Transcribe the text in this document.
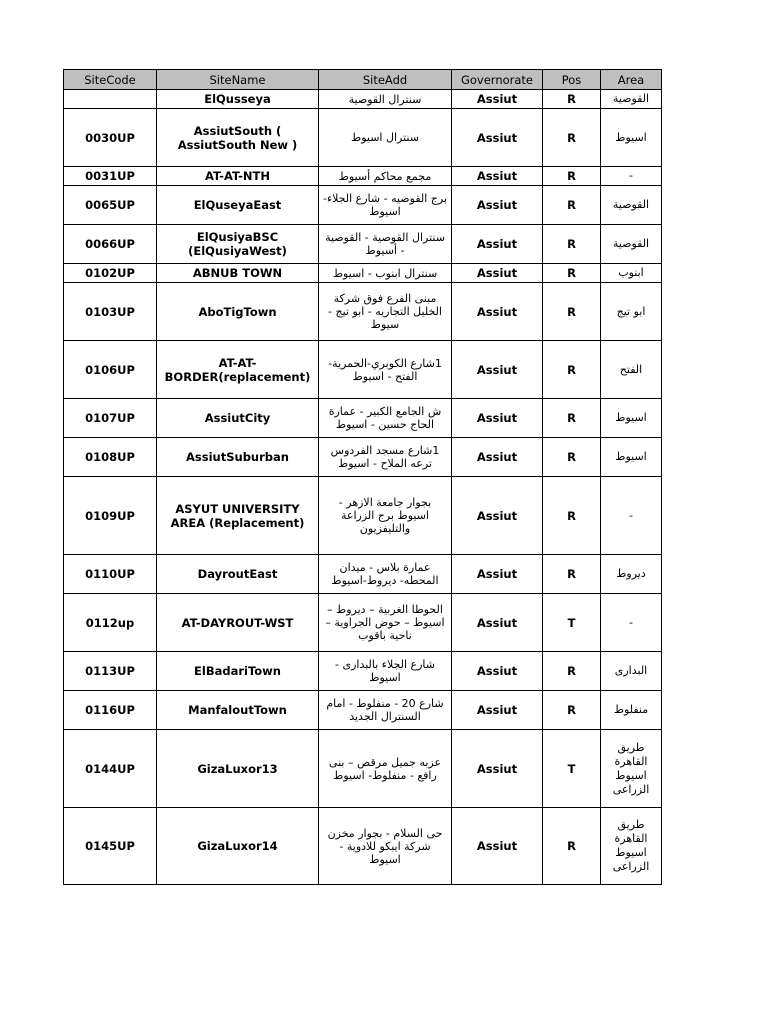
SiteCode	SiteName	SiteAdd	Governorate	Pos	Area
	ElQusseya	سنترال القوصية	Assiut	R	القوصية
0030UP	AssiutSouth ( AssiutSouth New )	سنترال اسيوط	Assiut	R	اسيوط
0031UP	AT-AT-NTH	مجمع محاكم أسيوط	Assiut	R	-
0065UP	ElQuseyaEast	برج القوصيه - شارع الجلاء- اسيوط	Assiut	R	القوصية
0066UP	ElQusiyaBSC (ElQusiyaWest)	سنترال القوصية - القوصية - أسيوط	Assiut	R	القوصية
0102UP	ABNUB TOWN	سنترال ابنوب - اسيوط	Assiut	R	ابنوب
0103UP	AboTigTown	مبنى الفرع فوق شركة الخليل التجاريه - ابو تيج - سيوط	Assiut	R	ابو تيج
0106UP	AT-AT-BORDER(replacement)	1شارع الكوبري-الحمرية- الفتح - اسيوط	Assiut	R	الفتح
0107UP	AssiutCity	ش الجامع الكبير - عمارة الحاج حسين - اسيوط	Assiut	R	اسيوط
0108UP	AssiutSuburban	1شارع مسجد الفردوس ترعه الملاح - اسيوط	Assiut	R	اسيوط
0109UP	ASYUT UNIVERSITY AREA (Replacement)	بجوار جامعة الازهر - اسيوط برج الزراعة والتليفزيون	Assiut	R	-
0110UP	DayroutEast	عمارة بلاس - ميدان المحطه- ديروط-اسيوط	Assiut	R	ديروط
0112up	AT-DAYROUT-WST	الحوطا الغربية – ديروط – اسيوط – حوض الجراوية – ناحية باقوب	Assiut	T	-
0113UP	ElBadariTown	شارع الجلاء بالبدارى - اسيوط	Assiut	R	البدارى
0116UP	ManfaloutTown	شارع 20 - منفلوط - امام السنترال الجديد	Assiut	R	منفلوط
0144UP	GizaLuxor13	عزبه جميل مرقص – بنى رافع - منفلوط- اسيوط	Assiut	T	طريق القاهرة اسيوط الزراعى
0145UP	GizaLuxor14	حى السلام - بجوار مخزن شركة ايبكو للادوية - اسيوط	Assiut	R	طريق القاهرة اسيوط الزراعى
